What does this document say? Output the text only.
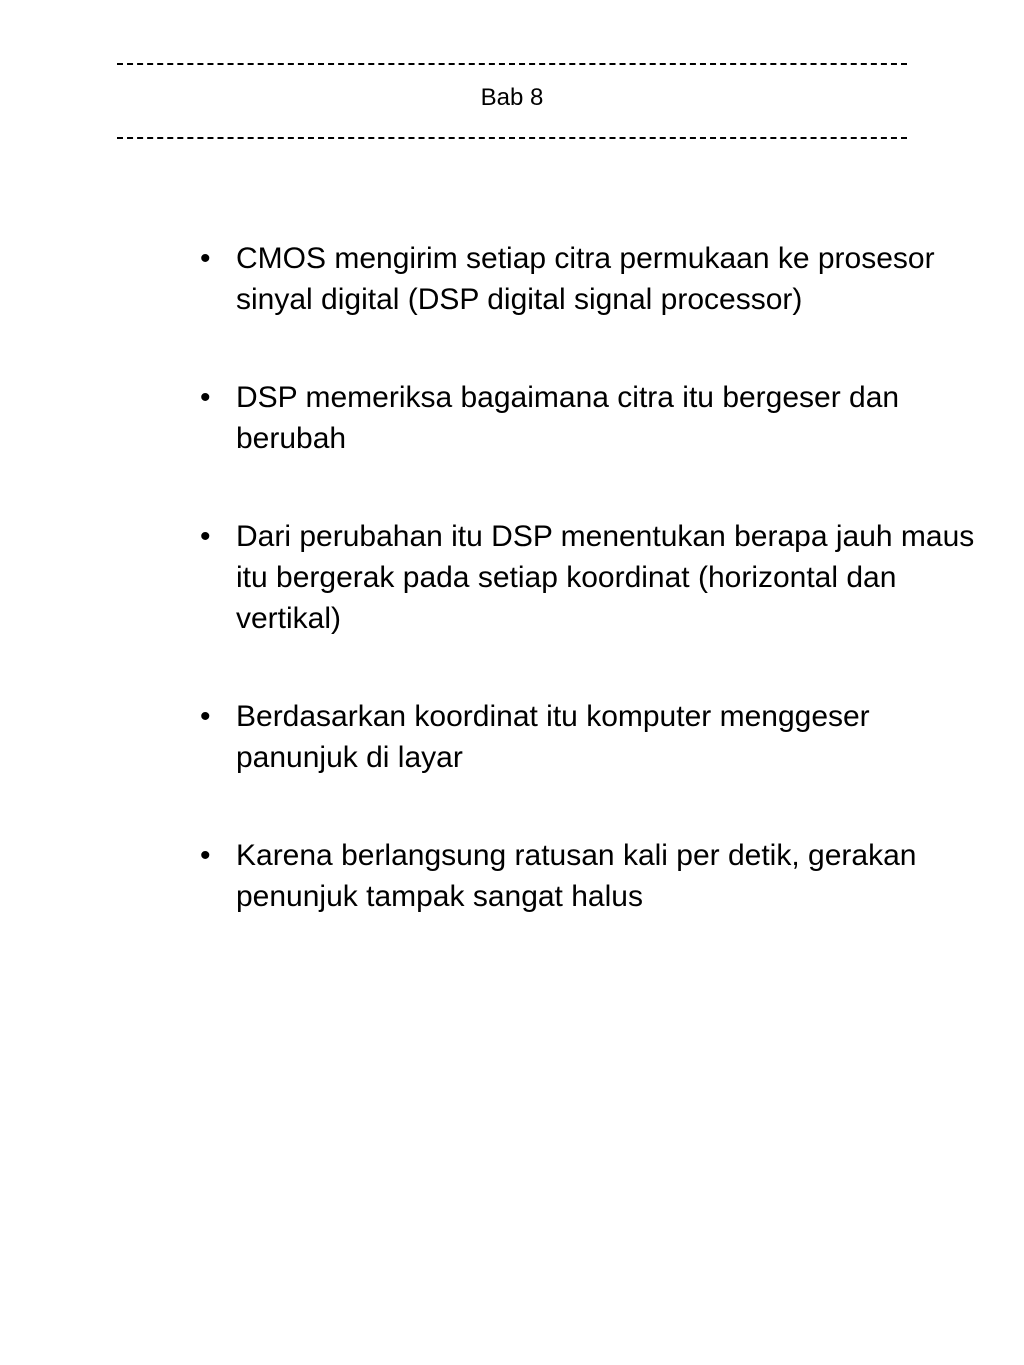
Bab 8
• CMOS mengirim setiap citra permukaan ke prosesor sinyal digital (DSP digital signal processor)
• DSP memeriksa bagaimana citra itu bergeser dan berubah
• Dari perubahan itu DSP menentukan berapa jauh maus itu bergerak pada setiap koordinat (horizontal dan vertikal)
• Berdasarkan koordinat itu komputer menggeser panunjuk di layar
• Karena berlangsung ratusan kali per detik, gerakan penunjuk tampak sangat halus
